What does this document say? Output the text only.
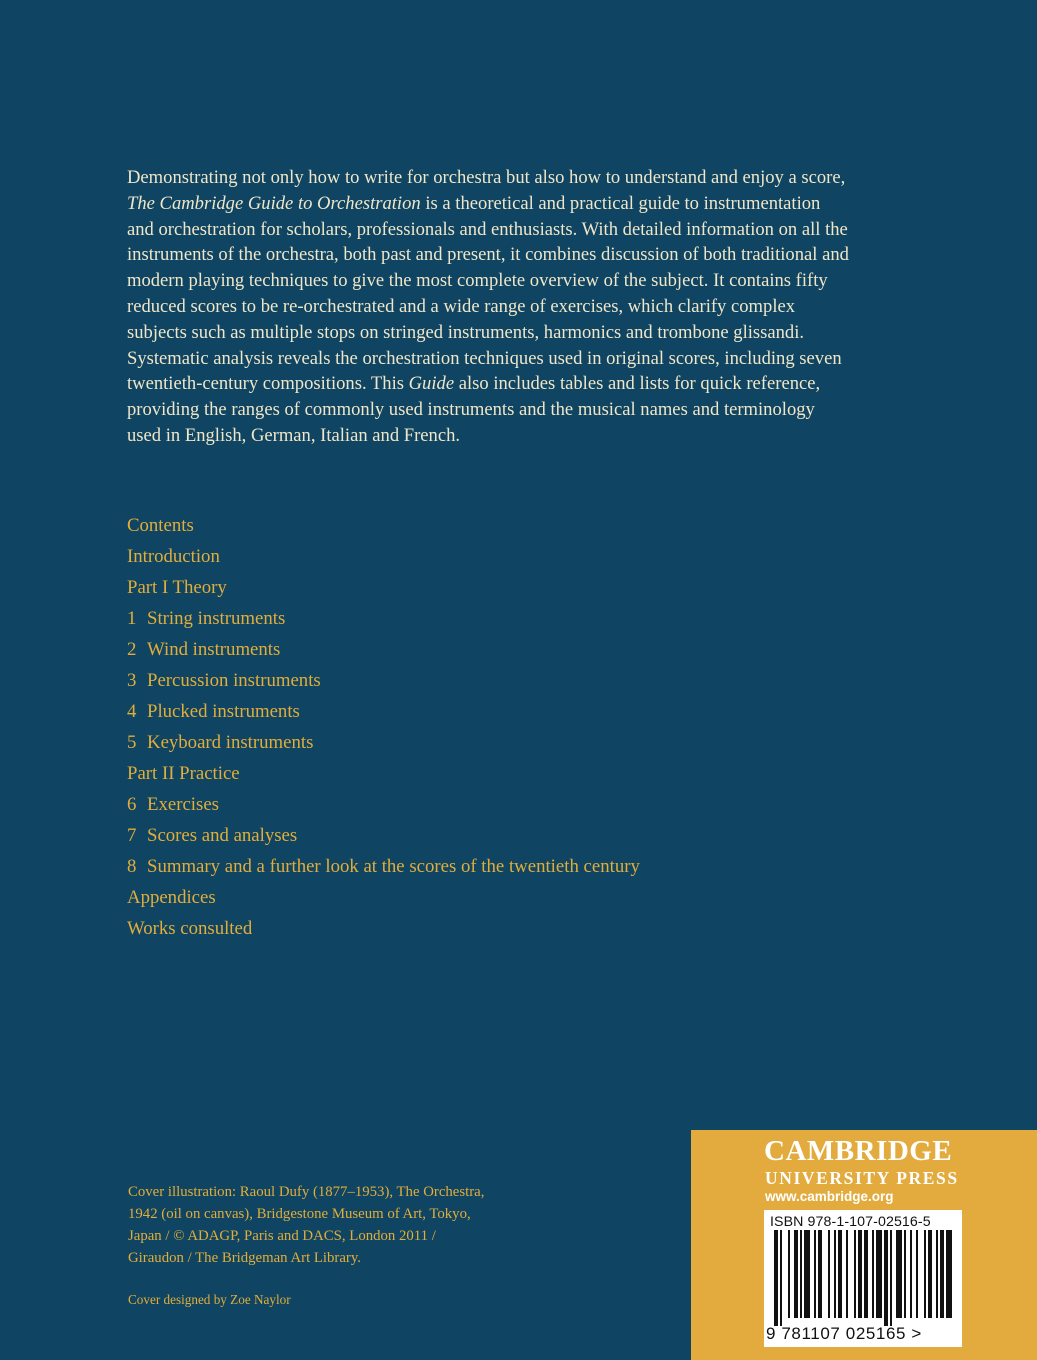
Demonstrating not only how to write for orchestra but also how to understand and enjoy a score, The Cambridge Guide to Orchestration is a theoretical and practical guide to instrumentation and orchestration for scholars, professionals and enthusiasts. With detailed information on all the instruments of the orchestra, both past and present, it combines discussion of both traditional and modern playing techniques to give the most complete overview of the subject. It contains fifty reduced scores to be re-orchestrated and a wide range of exercises, which clarify complex subjects such as multiple stops on stringed instruments, harmonics and trombone glissandi. Systematic analysis reveals the orchestration techniques used in original scores, including seven twentieth-century compositions. This Guide also includes tables and lists for quick reference, providing the ranges of commonly used instruments and the musical names and terminology used in English, German, Italian and French.

Contents
Introduction
Part I Theory
1 String instruments
2 Wind instruments
3 Percussion instruments
4 Plucked instruments
5 Keyboard instruments
Part II Practice
6 Exercises
7 Scores and analyses
8 Summary and a further look at the scores of the twentieth century
Appendices
Works consulted

Cover illustration: Raoul Dufy (1877–1953), The Orchestra,
1942 (oil on canvas), Bridgestone Museum of Art, Tokyo,
Japan / © ADAGP, Paris and DACS, London 2011 /
Giraudon / The Bridgeman Art Library.

Cover designed by Zoe Naylor

CAMBRIDGE
UNIVERSITY PRESS
www.cambridge.org
ISBN 978-1-107-02516-5
9 781107 025165 >
